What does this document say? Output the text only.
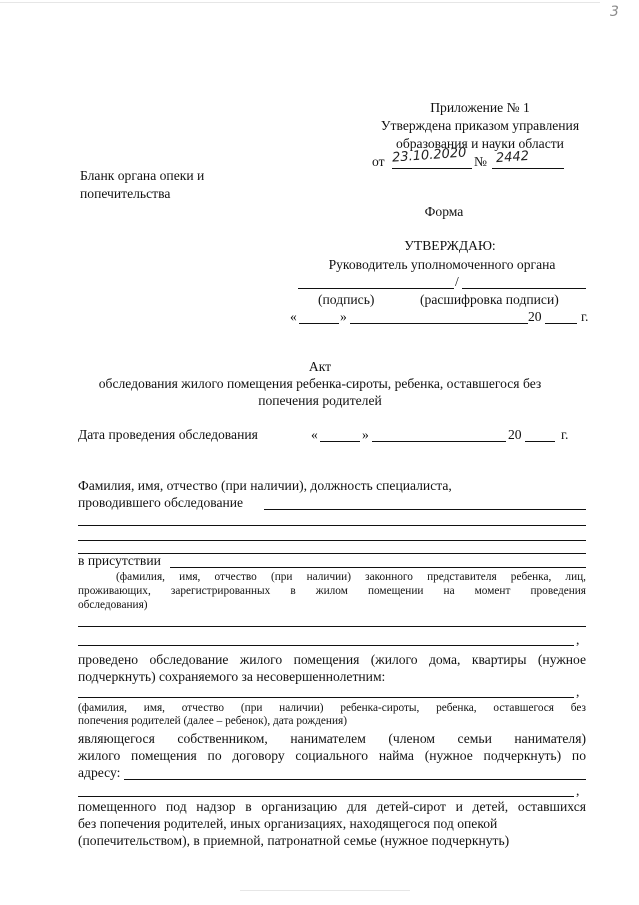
3
Приложение № 1
Утверждена приказом управления
образования и науки области
от 23.10.2020 № 2442
Бланк органа опеки и
попечительства
Форма
УТВЕРЖДАЮ:
Руководитель уполномоченного органа
/
(подпись)	(расшифровка подписи)
«	»	20	г.
Акт
обследования жилого помещения ребенка-сироты, ребенка, оставшегося без
попечения родителей
Дата проведения обследования	«	»	20	г.
Фамилия, имя, отчество (при наличии), должность специалиста,
проводившего обследование
в присутствии
(фамилия, имя, отчество (при наличии) законного представителя ребенка, лиц,
проживающих, зарегистрированных в жилом помещении на момент проведения
обследования)
,
проведено обследование жилого помещения (жилого дома, квартиры (нужное
подчеркнуть) сохраняемого за несовершеннолетним:
,
(фамилия, имя, отчество (при наличии) ребенка-сироты, ребенка, оставшегося без
попечения родителей (далее – ребенок), дата рождения)
являющегося собственником, нанимателем (членом семьи нанимателя)
жилого помещения по договору социального найма (нужное подчеркнуть) по
адресу:
,
помещенного под надзор в организацию для детей-сирот и детей, оставшихся
без попечения родителей, иных организациях, находящегося под опекой
(попечительством), в приемной, патронатной семье (нужное подчеркнуть)
